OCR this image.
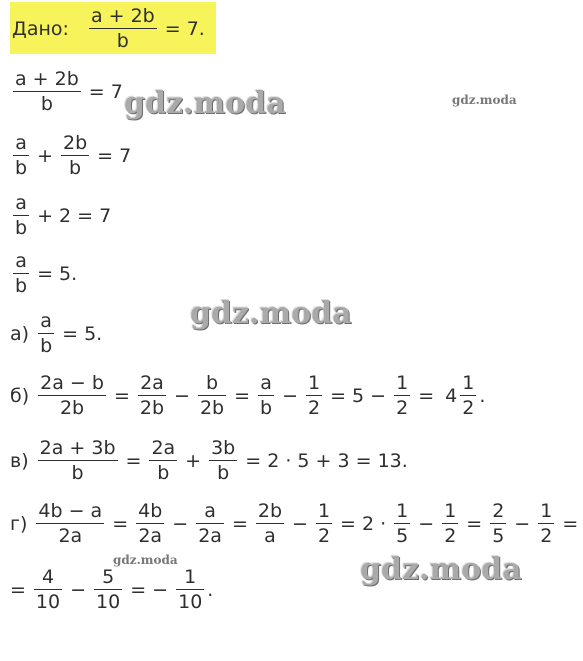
Дано: $\frac{a + 2b}{b} = 7$.
$\frac{a + 2b}{b} = 7$
$\frac{a}{b} + \frac{2b}{b} = 7$
$\frac{a}{b} + 2 = 7$
$\frac{a}{b} = 5$.
$а) \frac{a}{b} = 5$.
$б) \frac{2a - b}{2b} = \frac{2a}{2b} - \frac{b}{2b} = \frac{a}{b} - \frac{1}{2} = 5 - \frac{1}{2} = 4 \frac{1}{2}$ .
$в) \frac{2a + 3b}{b} = \frac{2a}{b} + \frac{3b}{b} = 2 \cdot 5 + 3 = 13$.
$г) \frac{4b - a}{2a} = \frac{4b}{2a} - \frac{a}{2a} = \frac{2b}{a} - \frac{1}{2} = 2 \cdot \frac{1}{5} - \frac{1}{2} = \frac{2}{5} - \frac{1}{2}$ =
= $\frac{4}{10} - \frac{5}{10}$ = − $\frac{1}{10}$ .
gdz.moda	gdz.moda
gdz.moda
gdz.moda	gdz.moda
